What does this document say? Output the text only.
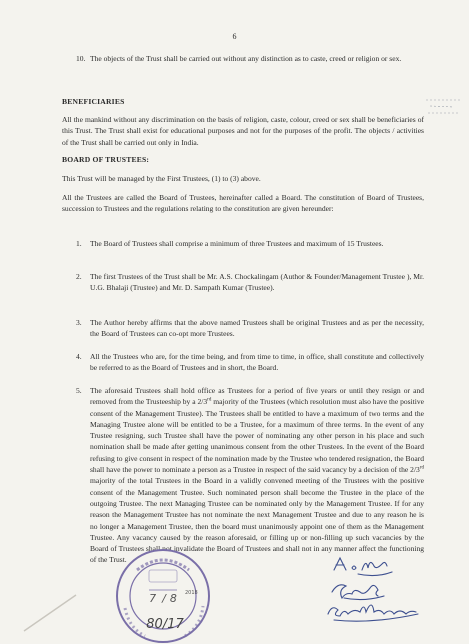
6
10. The objects of the Trust shall be carried out without any distinction as to caste, creed or religion or sex.
BENEFICIARIES
All the mankind without any discrimination on the basis of religion, caste, colour, creed or sex shall be beneficiaries of this Trust. The Trust shall exist for educational purposes and not for the purposes of the profit. The objects / activities of the Trust shall be carried out only in India.
BOARD OF TRUSTEES:
This Trust will be managed by the First Trustees, (1) to (3) above.
All the Trustees are called the Board of Trustees, hereinafter called a Board. The constitution of Board of Trustees, succession to Trustees and the regulations relating to the constitution are given hereunder:
1. The Board of Trustees shall comprise a minimum of three Trustees and maximum of 15 Trustees.
2. The first Trustees of the Trust shall be Mr. A.S. Chockalingam (Author & Founder/Management Trustee ), Mr. U.G. Bhalaji (Trustee) and Mr. D. Sampath Kumar (Trustee).
3. The Author hereby affirms that the above named Trustees shall be original Trustees and as per the necessity, the Board of Trustees can co-opt more Trustees.
4. All the Trustees who are, for the time being, and from time to time, in office, shall constitute and collectively be referred to as the Board of Trustees and in short, the Board.
5. The aforesaid Trustees shall hold office as Trustees for a period of five years or until they resign or and removed from the Trusteeship by a 2/3rd majority of the Trustees (which resolution must also have the positive consent of the Management Trustee). The Trustees shall be entitled to have a maximum of two terms and the Managing Trustee alone will be entitled to be a Trustee, for a maximum of three terms. In the event of any Trustee resigning, such Trustee shall have the power of nominating any other person in his place and such nomination shall be made after getting unanimous consent from the other Trustees. In the event of the Board refusing to give consent in respect of the nomination made by the Trustee who tendered resignation, the Board shall have the power to nominate a person as a Trustee in respect of the said vacancy by a decision of the 2/3rd majority of the total Trustees in the Board in a validly convened meeting of the Trustees with the positive consent of the Management Trustee. Such nominated person shall become the Trustee in the place of the outgoing Trustee. The next Managing Trustee can be nominated only by the Management Trustee. If for any reason the Management Trustee has not nominate the next Management Trustee and due to any reason he is no longer a Management Trustee, then the board must unanimously appoint one of them as the Management Trustee. Any vacancy caused by the reason aforesaid, or filling up or non-filling up such vacancies by the Board of Trustees shall not invalidate the Board of Trustees and shall not in any manner affect the functioning of the Trust.
7 / 8 2018
80/17
